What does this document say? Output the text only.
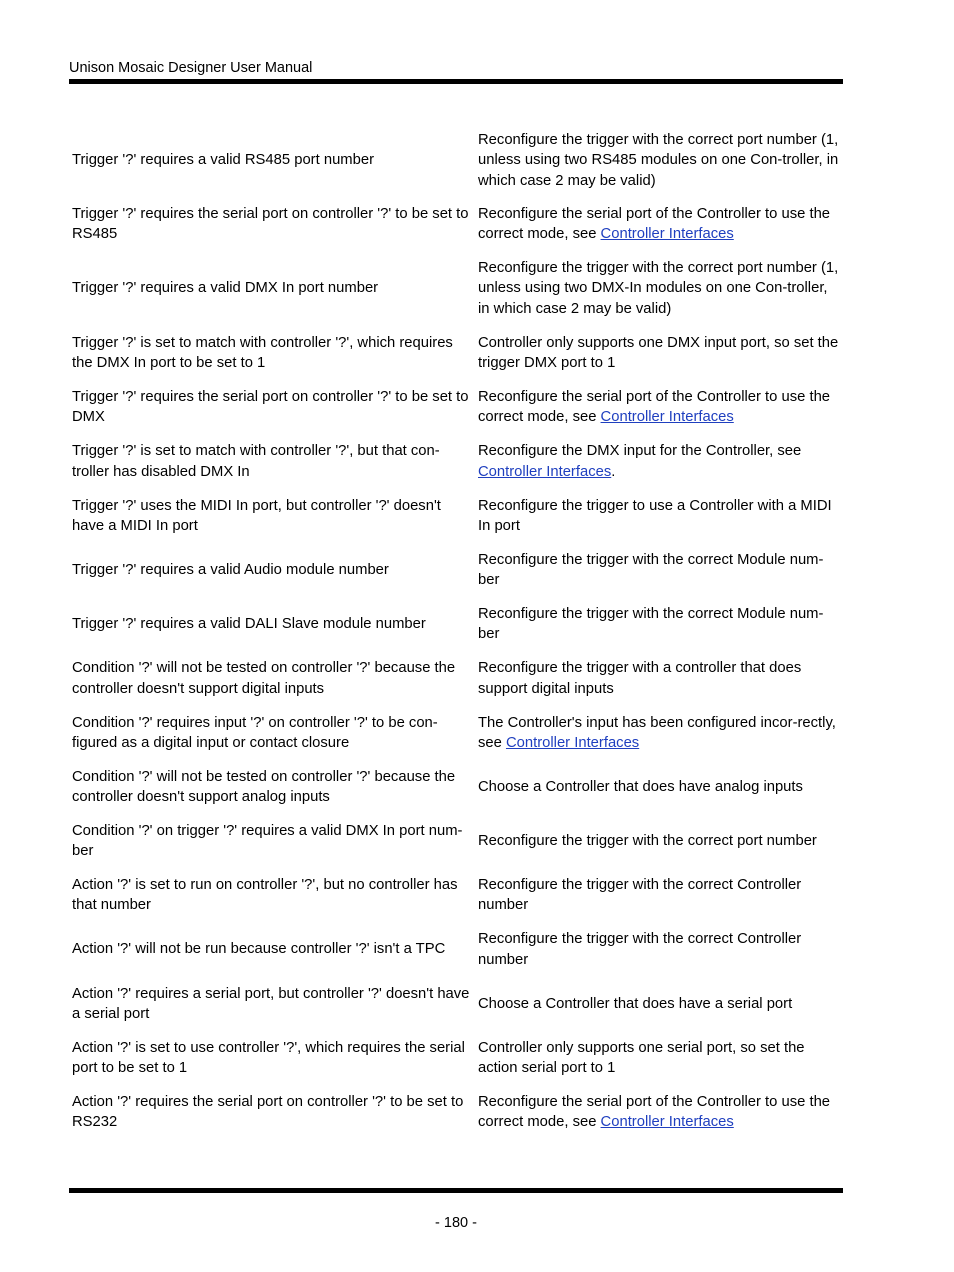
Unison Mosaic Designer User Manual
Trigger '?' requires a valid RS485 port number
Reconfigure the trigger with the correct port number (1, unless using two RS485 modules on one Con-troller, in which case 2 may be valid)
Trigger '?' requires the serial port on controller '?' to be set to RS485
Reconfigure the serial port of the Controller to use the correct mode, see Controller Interfaces
Trigger '?' requires a valid DMX In port number
Reconfigure the trigger with the correct port number (1, unless using two DMX-In modules on one Con-troller, in which case 2 may be valid)
Trigger '?' is set to match with controller '?', which requires the DMX In port to be set to 1
Controller only supports one DMX input port, so set the trigger DMX port to 1
Trigger '?' requires the serial port on controller '?' to be set to DMX
Reconfigure the serial port of the Controller to use the correct mode, see Controller Interfaces
Trigger '?' is set to match with controller '?', but that con-troller has disabled DMX In
Reconfigure the DMX input for the Controller, see Controller Interfaces.
Trigger '?' uses the MIDI In port, but controller '?' doesn't have a MIDI In port
Reconfigure the trigger to use a Controller with a MIDI In port
Trigger '?' requires a valid Audio module number
Reconfigure the trigger with the correct Module num-ber
Trigger '?' requires a valid DALI Slave module number
Reconfigure the trigger with the correct Module num-ber
Condition '?' will not be tested on controller '?' because the controller doesn't support digital inputs
Reconfigure the trigger with a controller that does support digital inputs
Condition '?' requires input '?' on controller '?' to be con-figured as a digital input or contact closure
The Controller's input has been configured incor-rectly, see Controller Interfaces
Condition '?' will not be tested on controller '?' because the controller doesn't support analog inputs
Choose a Controller that does have analog inputs
Condition '?' on trigger '?' requires a valid DMX In port num-ber
Reconfigure the trigger with the correct port number
Action '?' is set to run on controller '?', but no controller has that number
Reconfigure the trigger with the correct Controller number
Action '?' will not be run because controller '?' isn't a TPC
Reconfigure the trigger with the correct Controller number
Action '?' requires a serial port, but controller '?' doesn't have a serial port
Choose a Controller that does have a serial port
Action '?' is set to use controller '?', which requires the serial port to be set to 1
Controller only supports one serial port, so set the action serial port to 1
Action '?' requires the serial port on controller '?' to be set to RS232
Reconfigure the serial port of the Controller to use the correct mode, see Controller Interfaces
- 180 -
